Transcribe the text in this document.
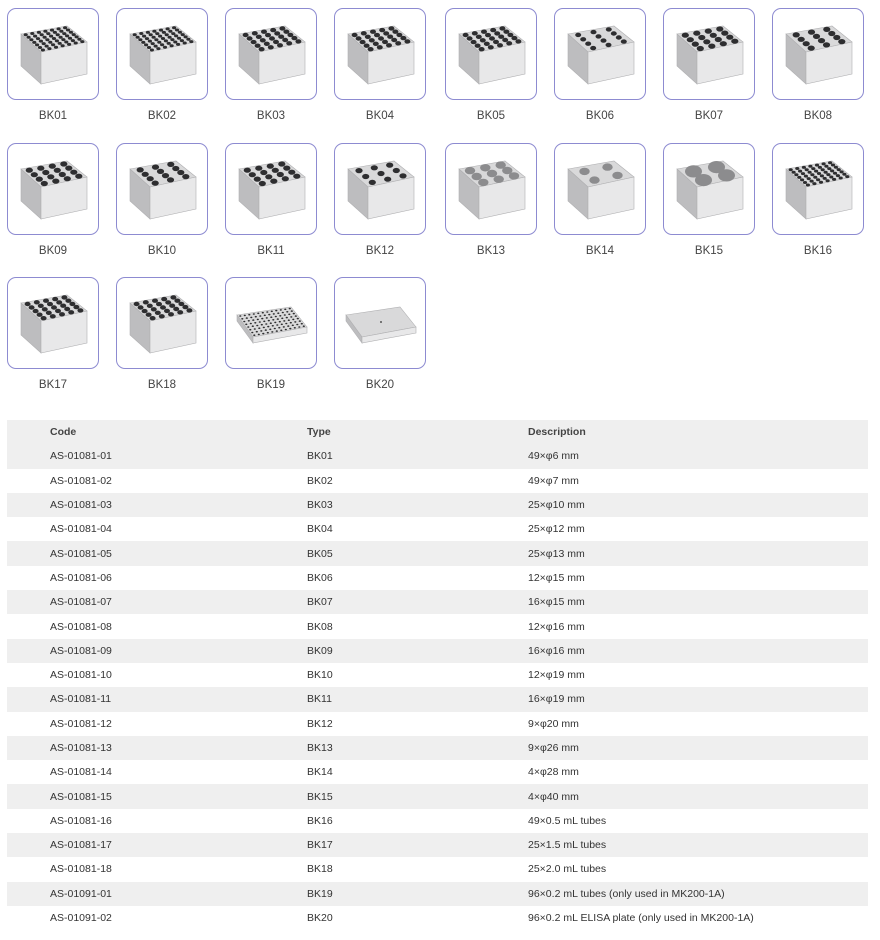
BK01	BK02	BK03	BK04	BK05	BK06	BK07	BK08
BK09	BK10	BK11	BK12	BK13	BK14	BK15	BK16
BK17	BK18	BK19	BK20
Code	Type	Description
AS-01081-01	BK01	49×φ6 mm
AS-01081-02	BK02	49×φ7 mm
AS-01081-03	BK03	25×φ10 mm
AS-01081-04	BK04	25×φ12 mm
AS-01081-05	BK05	25×φ13 mm
AS-01081-06	BK06	12×φ15 mm
AS-01081-07	BK07	16×φ15 mm
AS-01081-08	BK08	12×φ16 mm
AS-01081-09	BK09	16×φ16 mm
AS-01081-10	BK10	12×φ19 mm
AS-01081-11	BK11	16×φ19 mm
AS-01081-12	BK12	9×φ20 mm
AS-01081-13	BK13	9×φ26 mm
AS-01081-14	BK14	4×φ28 mm
AS-01081-15	BK15	4×φ40 mm
AS-01081-16	BK16	49×0.5 mL tubes
AS-01081-17	BK17	25×1.5 mL tubes
AS-01081-18	BK18	25×2.0 mL tubes
AS-01091-01	BK19	96×0.2 mL tubes (only used in MK200-1A)
AS-01091-02	BK20	96×0.2 mL ELISA plate (only used in MK200-1A)
